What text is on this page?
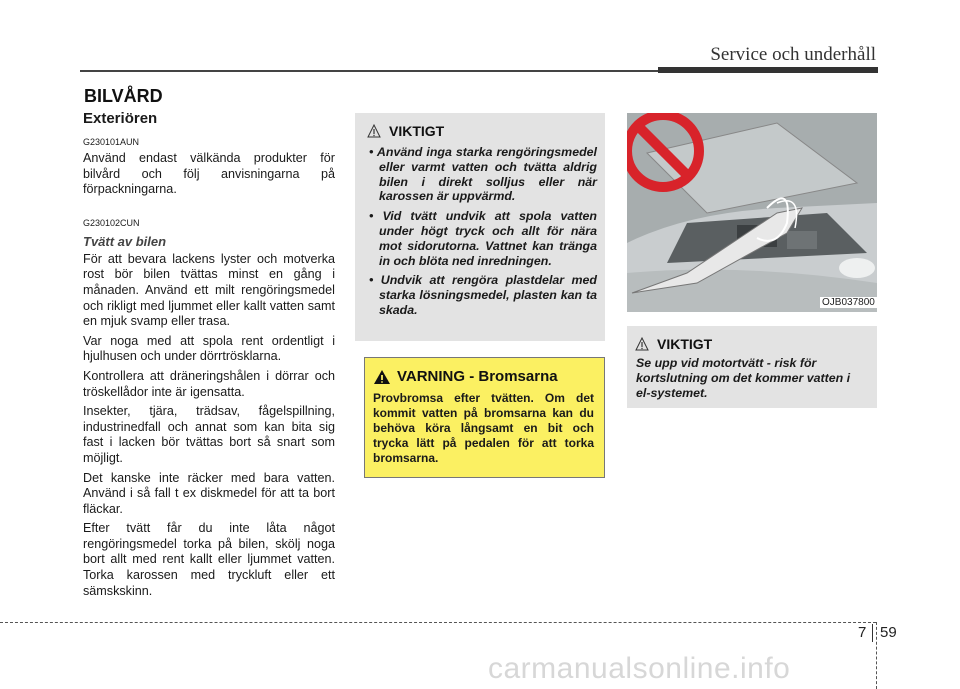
Service och underhåll
BILVÅRD
Exteriören
G230101AUN
Använd endast välkända produkter för bilvård och följ anvisningarna på förpackningarna.
G230102CUN
Tvätt av bilen
För att bevara lackens lyster och motverka rost bör bilen tvättas minst en gång i månaden. Använd ett milt rengöringsmedel och rikligt med ljummet eller kallt vatten samt en mjuk svamp eller trasa.
Var noga med att spola rent ordentligt i hjulhusen och under dörrtrösklarna.
Kontrollera att dräneringshålen i dörrar och tröskellådor inte är igensatta.
Insekter, tjära, trädsav, fågelspillning, industrinedfall och annat som kan bita sig fast i lacken bör tvättas bort så snart som möjligt.
Det kanske inte räcker med bara vatten. Använd i så fall t ex diskmedel för att ta bort fläckar.
Efter tvätt får du inte låta något rengöringsmedel torka på bilen, skölj noga bort allt med rent kallt eller ljummet vatten. Torka karossen med tryckluft eller ett sämskskinn.
VIKTIGT
• Använd inga starka rengöringsmedel eller varmt vatten och tvätta aldrig bilen i direkt solljus eller när karossen är uppvärmd.
• Vid tvätt undvik att spola vatten under högt tryck och allt för nära mot sidorutorna. Vattnet kan tränga in och blöta ned inredningen.
• Undvik att rengöra plastdelar med starka lösningsmedel, plasten kan ta skada.
VARNING - Bromsarna

Provbromsa efter tvätten. Om det kommit vatten på bromsarna kan du behöva köra långsamt en bit och trycka lätt på pedalen för att torka bromsarna.

OJB037800
VIKTIGT

Se upp vid motortvätt - risk för kortslutning om det kommer vatten i el-systemet.

7 59
carmanualsonline.info
